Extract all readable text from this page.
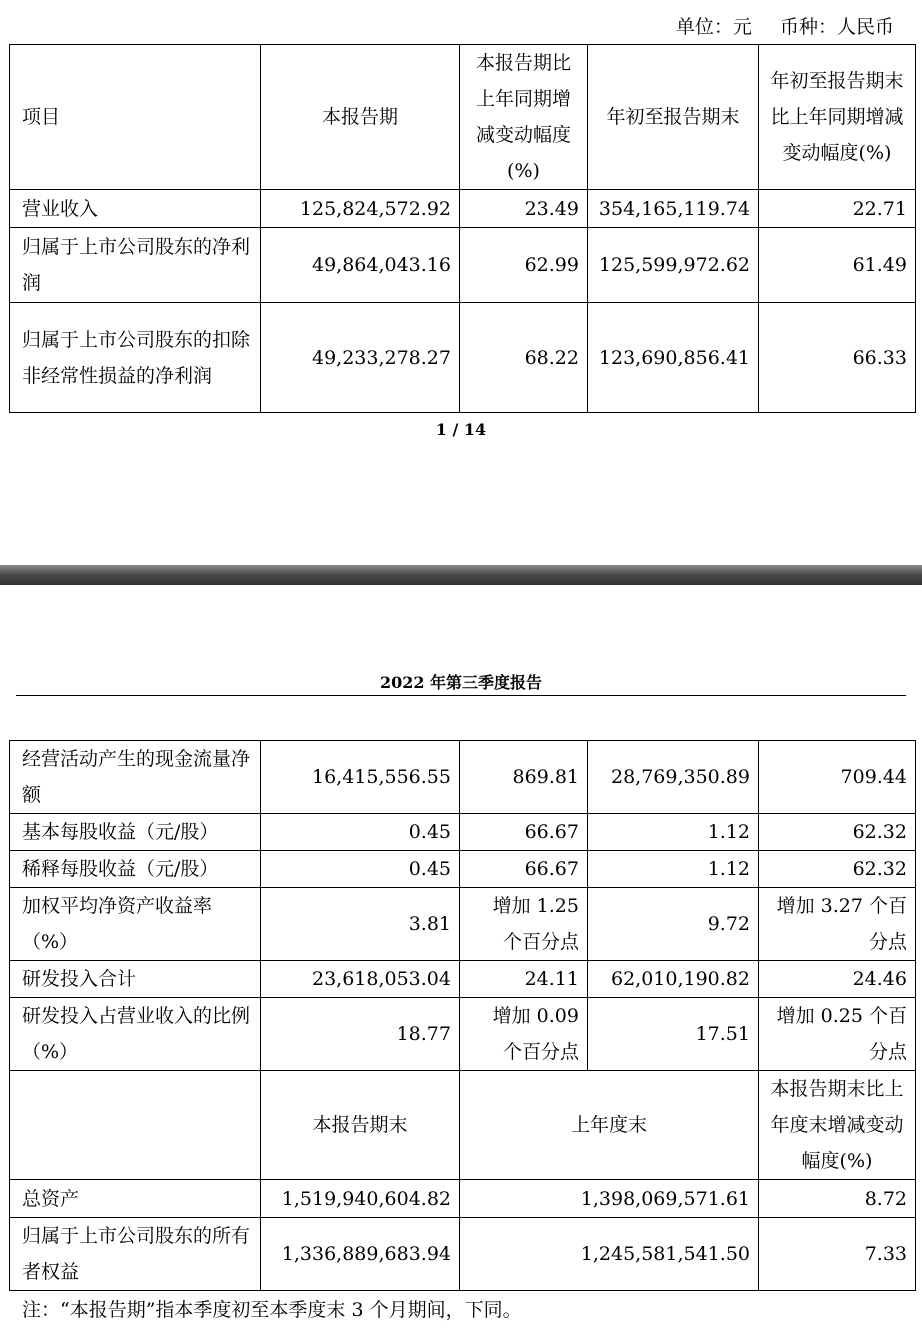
单位：元 币种：人民币
项目	本报告期	本报告期比上年同期增减变动幅度(%)	年初至报告期末	年初至报告期末比上年同期增减变动幅度(%)
营业收入	125,824,572.92	23.49	354,165,119.74	22.71
归属于上市公司股东的净利润	49,864,043.16	62.99	125,599,972.62	61.49
归属于上市公司股东的扣除非经常性损益的净利润	49,233,278.27	68.22	123,690,856.41	66.33
1 / 14
2022 年第三季度报告
经营活动产生的现金流量净额	16,415,556.55	869.81	28,769,350.89	709.44
基本每股收益（元/股）	0.45	66.67	1.12	62.32
稀释每股收益（元/股）	0.45	66.67	1.12	62.32
加权平均净资产收益率（%）	3.81	增加 1.25 个百分点	9.72	增加 3.27 个百分点
研发投入合计	23,618,053.04	24.11	62,010,190.82	24.46
研发投入占营业收入的比例（%）	18.77	增加 0.09 个百分点	17.51	增加 0.25 个百分点
	本报告期末	上年度末		本报告期末比上年度末增减变动幅度(%)
总资产	1,519,940,604.82	1,398,069,571.61		8.72
归属于上市公司股东的所有者权益	1,336,889,683.94	1,245,581,541.50		7.33
注：“本报告期”指本季度初至本季度末 3 个月期间，下同。
